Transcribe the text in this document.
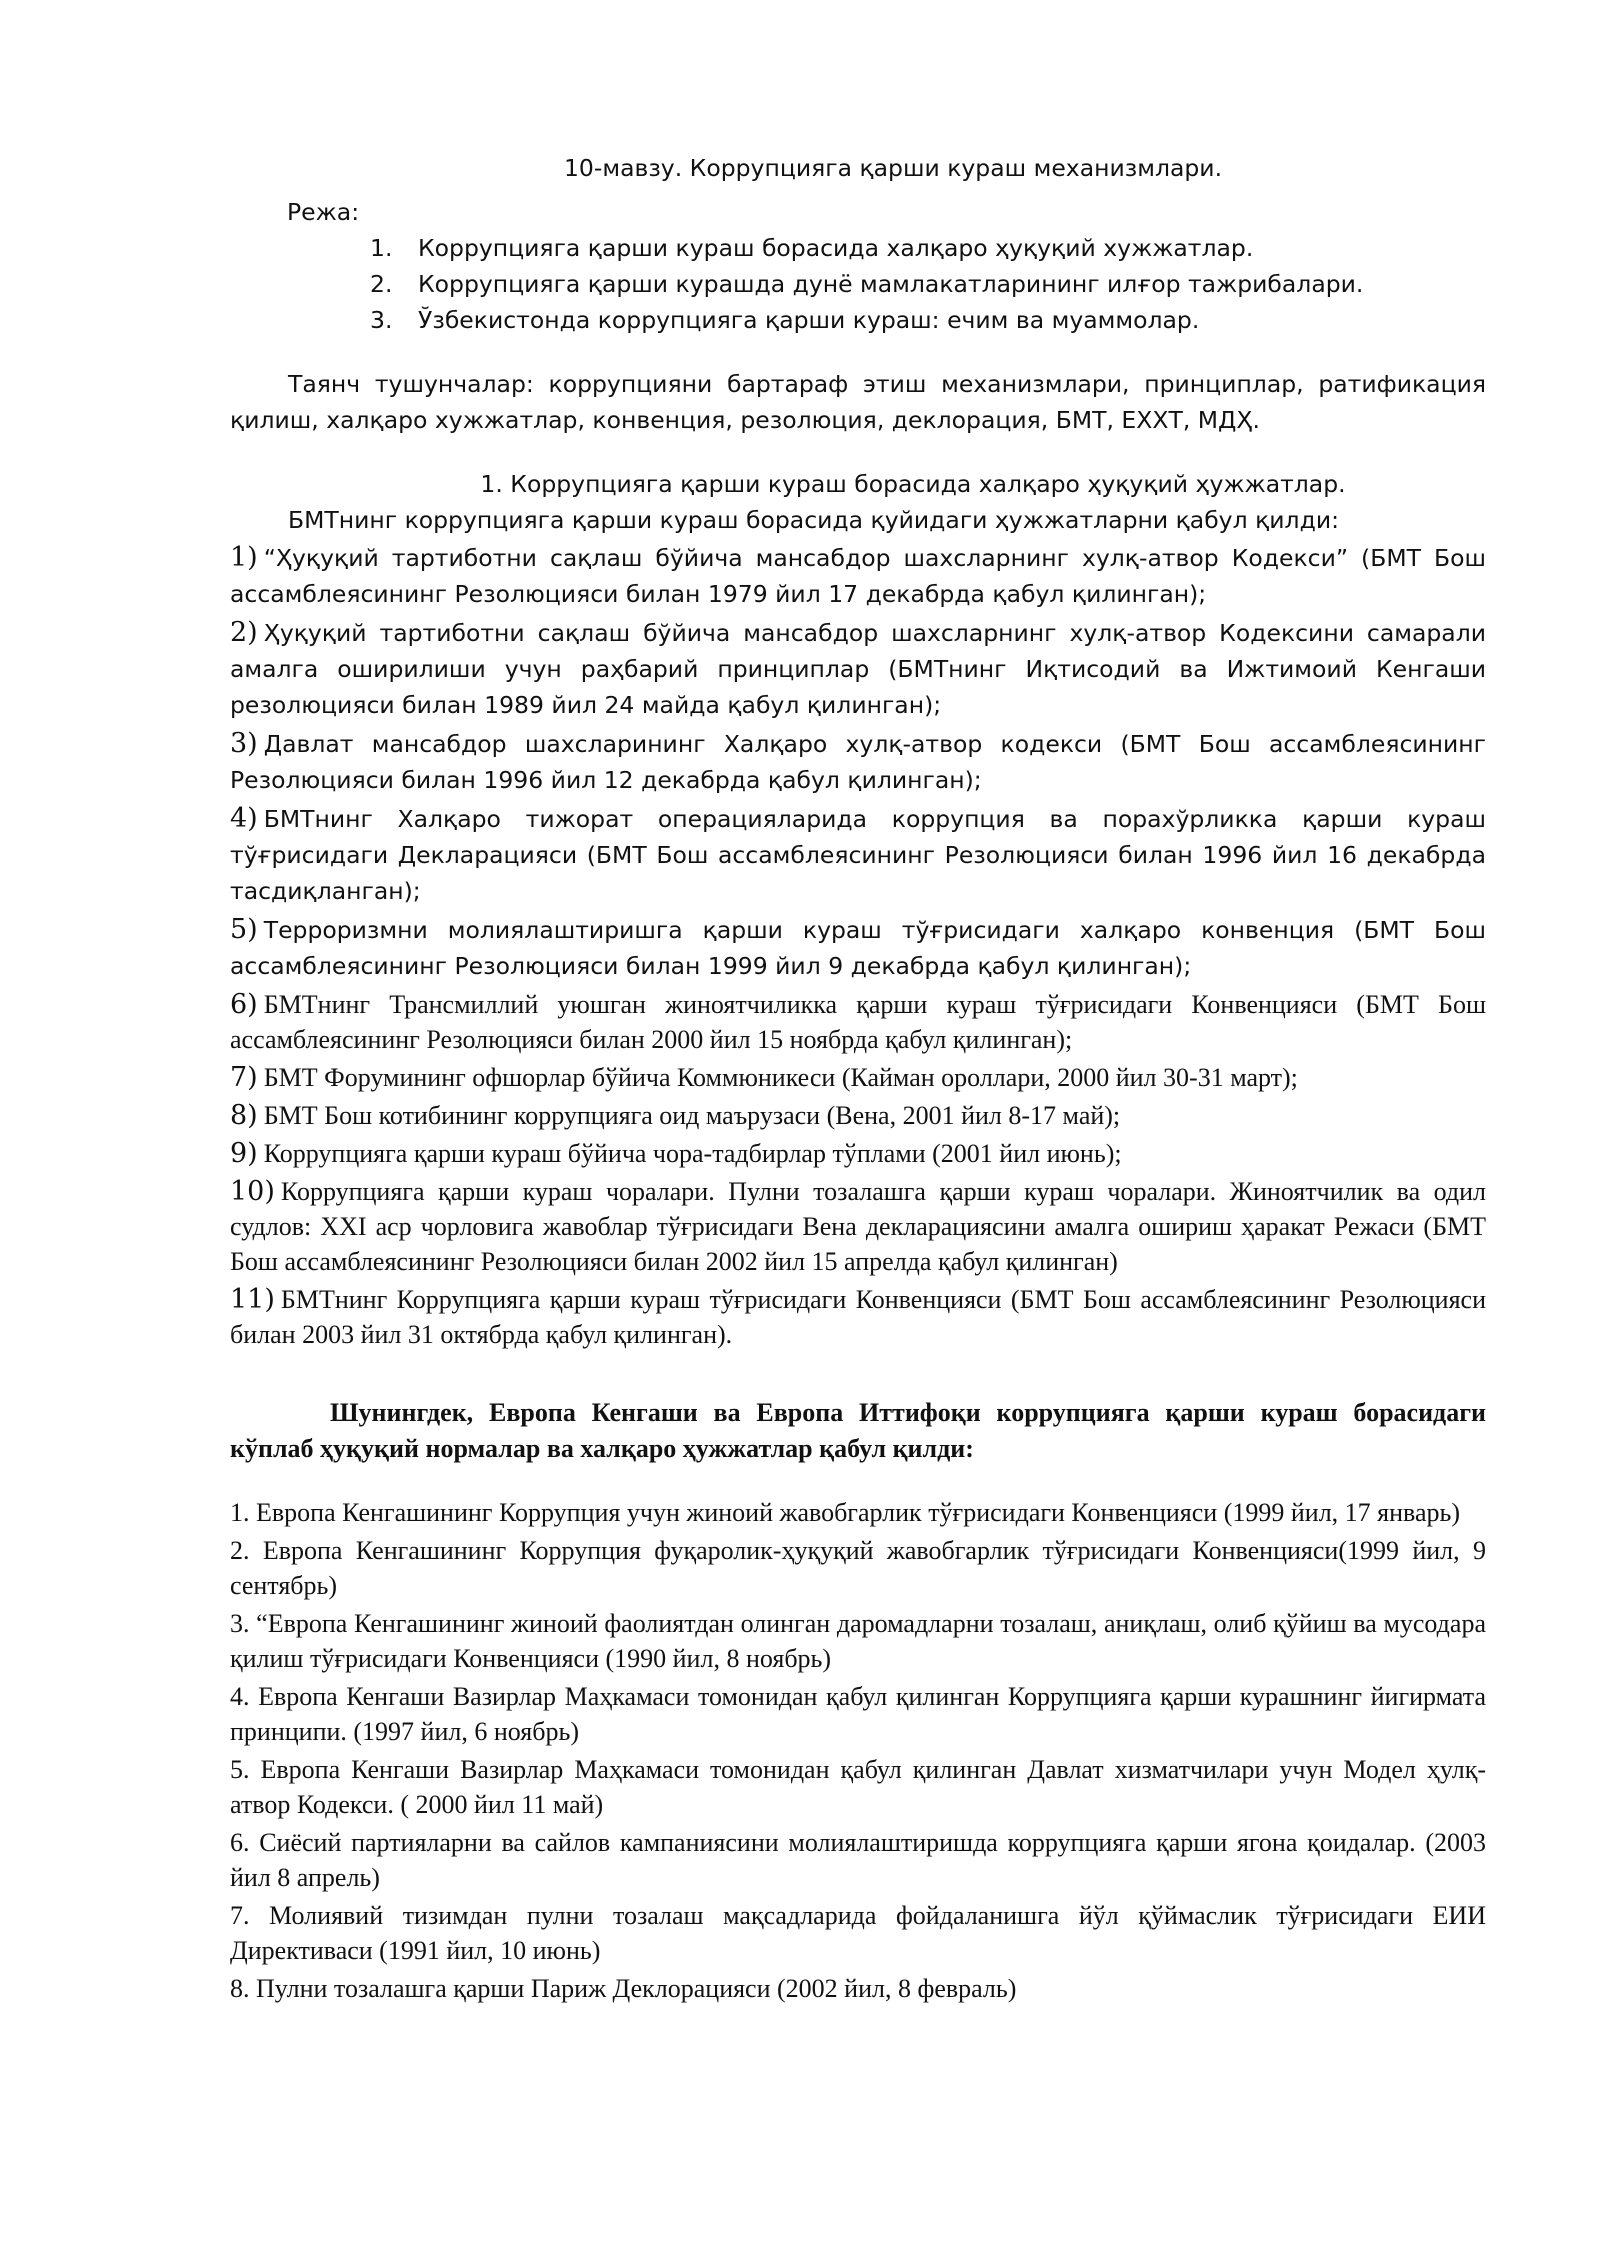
10-мавзу. Коррупцияга қарши кураш механизмлари.

Режа:

1. Коррупцияга қарши кураш борасида халқаро ҳуқуқий хужжатлар.
2. Коррупцияга қарши курашда дунё мамлакатларининг илғор тажрибалари.
3. Ўзбекистонда коррупцияга қарши кураш: ечим ва муаммолар.

Таянч тушунчалар: коррупцияни бартараф этиш механизмлари, принциплар, ратификация қилиш, халқаро хужжатлар, конвенция, резолюция, деклорация, БМТ, ЕХХТ, МДҲ.

1. Коррупцияга қарши кураш борасида халқаро ҳуқуқий ҳужжатлар.

БМТнинг коррупцияга қарши кураш борасида қуйидаги ҳужжатларни қабул қилди:

1) “Ҳуқуқий тартиботни сақлаш бўйича мансабдор шахсларнинг хулқ-атвор Кодекси” (БМТ Бош ассамблеясининг Резолюцияси билан 1979 йил 17 декабрда қабул қилинган);

2) Ҳуқуқий тартиботни сақлаш бўйича мансабдор шахсларнинг хулқ-атвор Кодексини самарали амалга оширилиши учун раҳбарий принциплар (БМТнинг Иқтисодий ва Ижтимоий Кенгаши резолюцияси билан 1989 йил 24 майда қабул қилинган);

3) Давлат мансабдор шахсларининг Халқаро хулқ-атвор кодекси (БМТ Бош ассамблеясининг Резолюцияси билан 1996 йил 12 декабрда қабул қилинган);

4) БМТнинг Халқаро тижорат операцияларида коррупция ва порахўрликка қарши кураш тўғрисидаги Декларацияси (БМТ Бош ассамблеясининг Резолюцияси билан 1996 йил 16 декабрда тасдиқланган);

5) Терроризмни молиялаштиришга қарши кураш тўғрисидаги халқаро конвенция (БМТ Бош ассамблеясининг Резолюцияси билан 1999 йил 9 декабрда қабул қилинган);

6) БМТнинг Трансмиллий уюшган жиноятчиликка қарши кураш тўғрисидаги Конвенцияси (БМТ Бош ассамблеясининг Резолюцияси билан 2000 йил 15 ноябрда қабул қилинган);

7) БМТ Форумининг офшорлар бўйича Коммюникеси (Кайман ороллари, 2000 йил 30-31 март);

8) БМТ Бош котибининг коррупцияга оид маърузаси (Вена, 2001 йил 8-17 май);

9) Коррупцияга қарши кураш бўйича чора-тадбирлар тўплами (2001 йил июнь);

10) Коррупцияга қарши кураш чоралари. Пулни тозалашга қарши кураш чоралари. Жиноятчилик ва одил судлов: XXI аср чорловига жавоблар тўғрисидаги Вена декларациясини амалга ошириш ҳаракат Режаси (БМТ Бош ассамблеясининг Резолюцияси билан 2002 йил 15 апрелда қабул қилинган)

11) БМТнинг Коррупцияга қарши кураш тўғрисидаги Конвенцияси (БМТ Бош ассамблеясининг Резолюцияси билан 2003 йил 31 октябрда қабул қилинган).

Шунингдек, Европа Кенгаши ва Европа Иттифоқи коррупцияга қарши кураш борасидаги кўплаб ҳуқуқий нормалар ва халқаро ҳужжатлар қабул қилди:

1. Европа Кенгашининг Коррупция учун жиноий жавобгарлик тўғрисидаги Конвенцияси (1999 йил, 17 январь)

2. Европа Кенгашининг Коррупция фуқаролик-ҳуқуқий жавобгарлик тўғрисидаги Конвенцияси(1999 йил, 9 сентябрь)

3. “Европа Кенгашининг жиноий фаолиятдан олинган даромадларни тозалаш, аниқлаш, олиб қўйиш ва мусодара қилиш тўғрисидаги Конвенцияси (1990 йил, 8 ноябрь)

4. Европа Кенгаши Вазирлар Маҳкамаси томонидан қабул қилинган Коррупцияга қарши курашнинг йигирмата принципи. (1997 йил, 6 ноябрь)

5. Европа Кенгаши Вазирлар Маҳкамаси томонидан қабул қилинган Давлат хизматчилари учун Модел ҳулқ-атвор Кодекси. ( 2000 йил 11 май)

6. Сиёсий партияларни ва сайлов кампаниясини молиялаштиришда коррупцияга қарши ягона қоидалар. (2003 йил 8 апрель)

7. Молиявий тизимдан пулни тозалаш мақсадларида фойдаланишга йўл қўймаслик тўғрисидаги ЕИИ Директиваси (1991 йил, 10 июнь)

8. Пулни тозалашга қарши Париж Деклорацияси (2002 йил, 8 февраль)
